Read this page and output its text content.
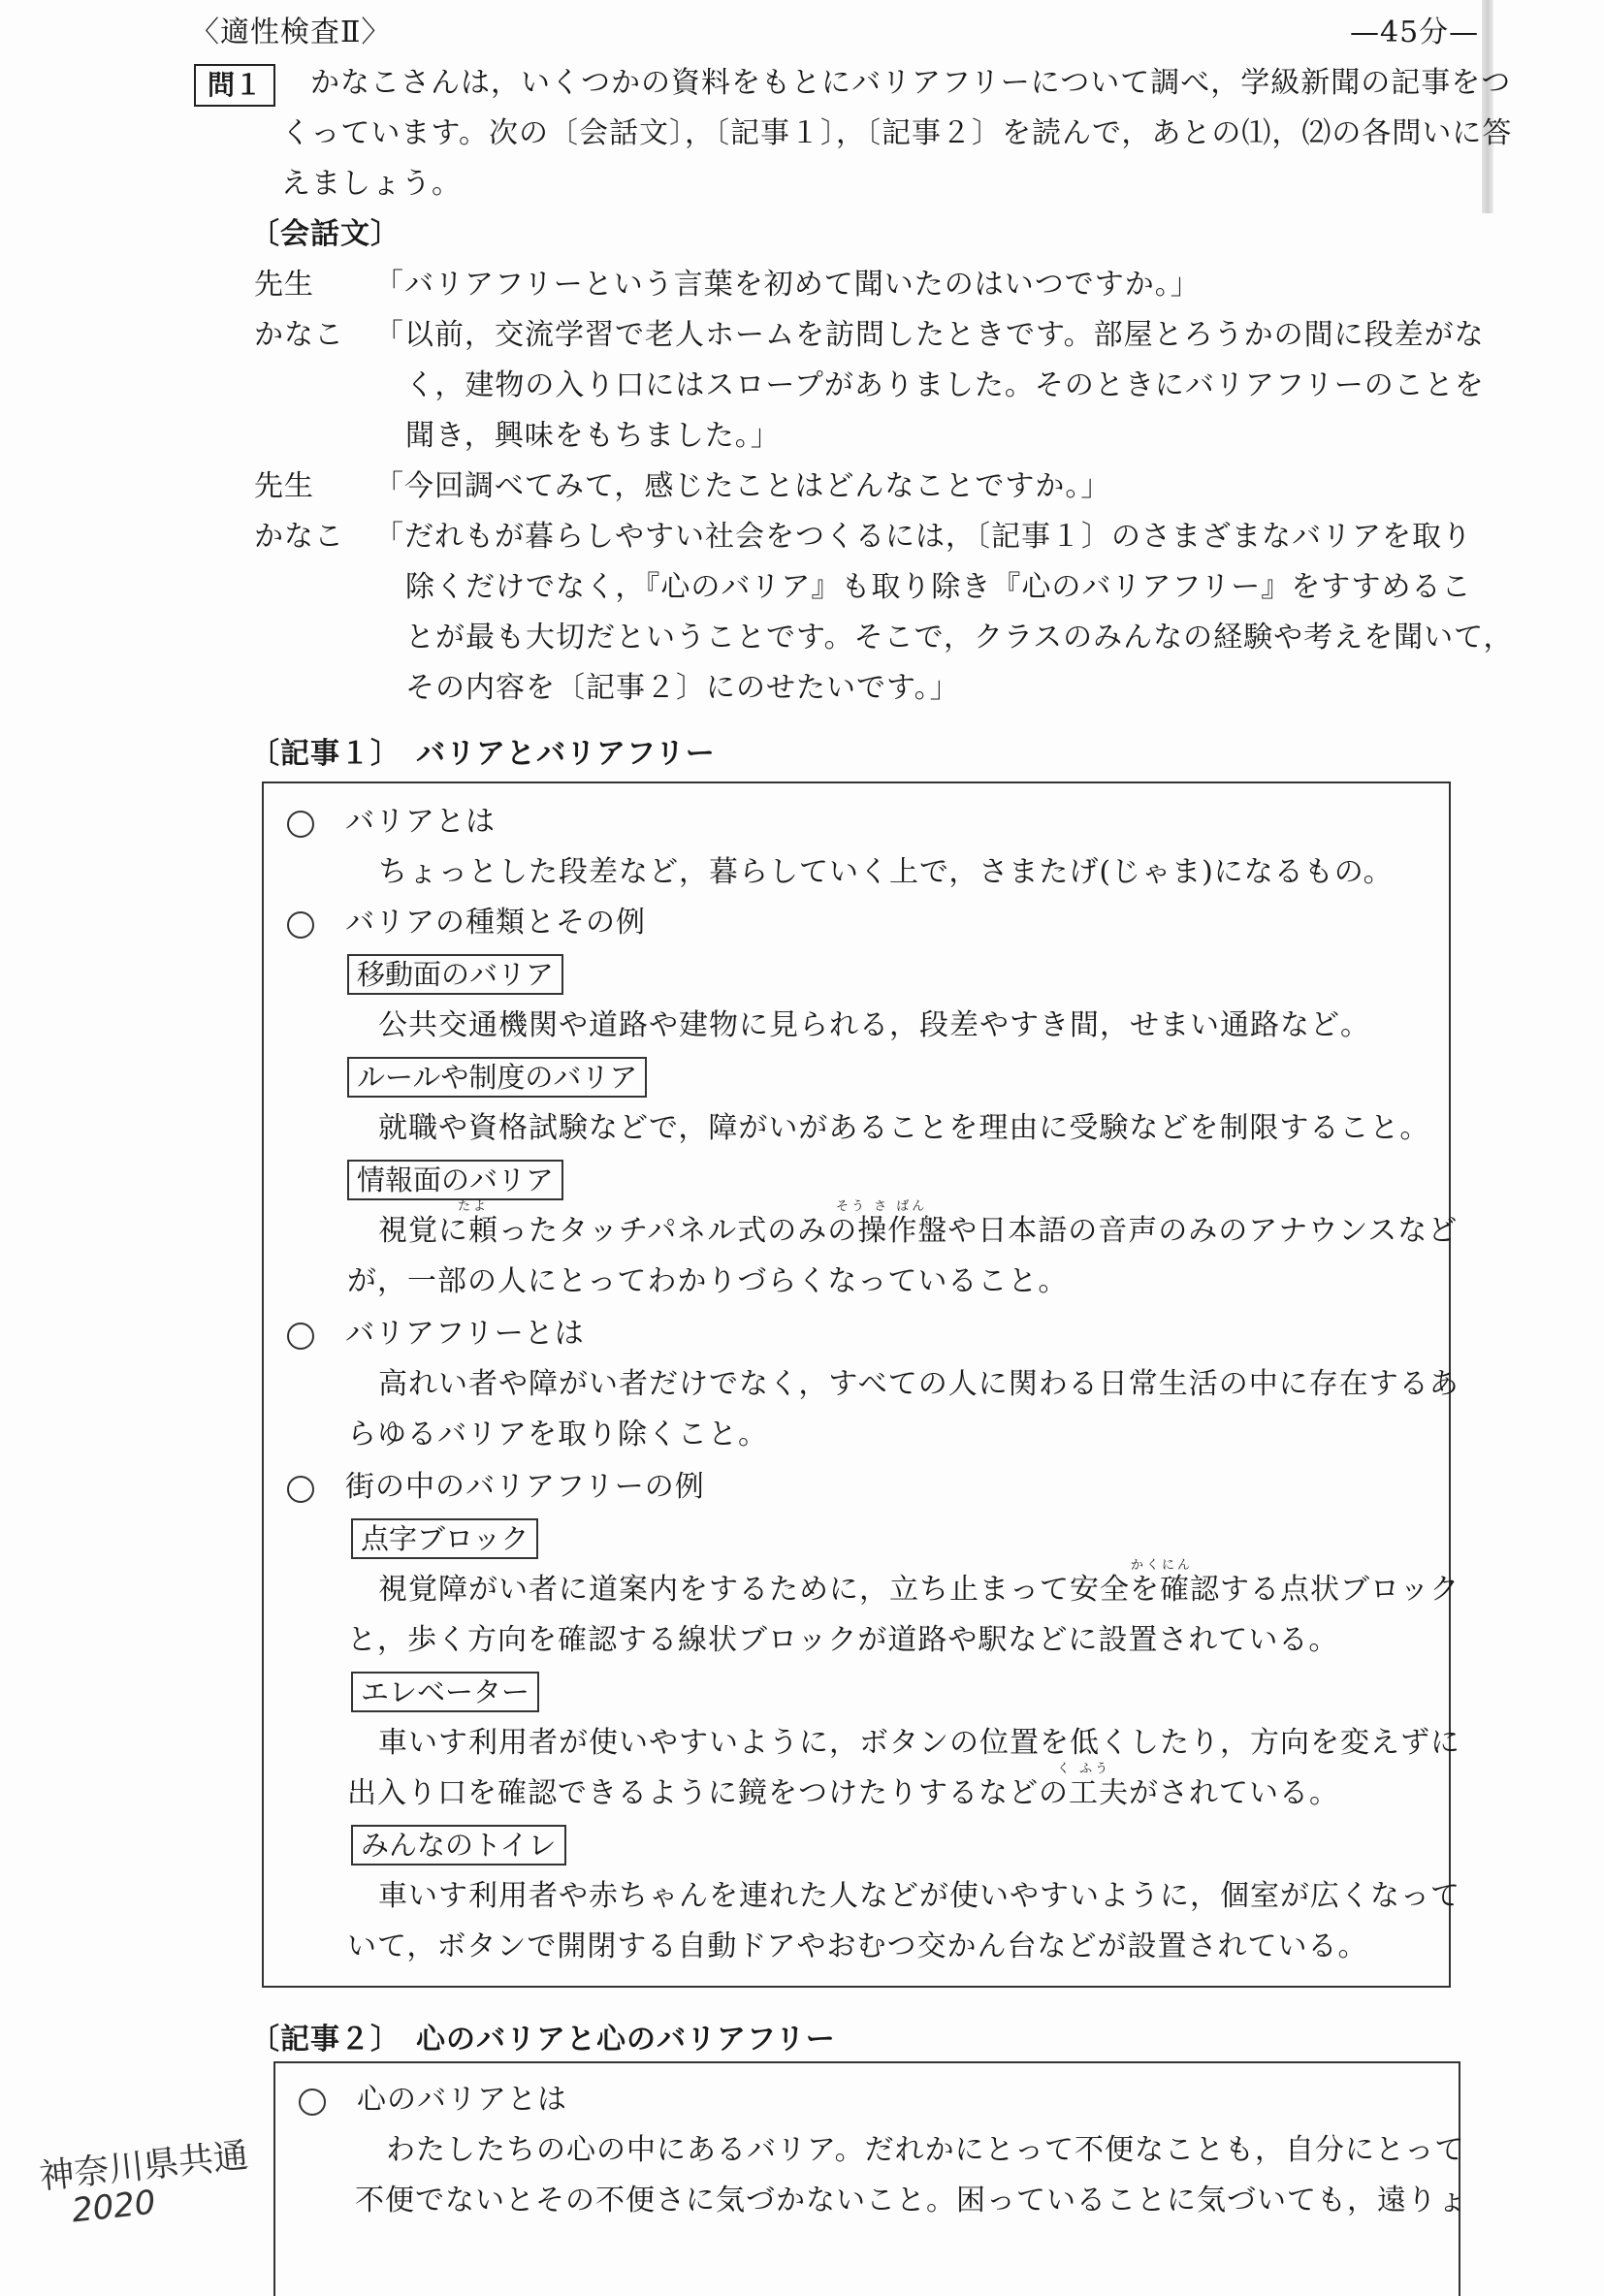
〈適性検査Ⅱ〉	—45分—
問１	かなこさんは，いくつかの資料をもとにバリアフリーについて調べ，学級新聞の記事をつ
くっています。次の〔会話文〕，〔記事１〕，〔記事２〕を読んで，あとの⑴，⑵の各問いに答
えましょう。
〔会話文〕
先生 「バリアフリーという言葉を初めて聞いたのはいつですか。」
かなこ 「以前，交流学習で老人ホームを訪問したときです。部屋とろうかの間に段差がな
く，建物の入り口にはスロープがありました。そのときにバリアフリーのことを
聞き，興味をもちました。」
先生 「今回調べてみて，感じたことはどんなことですか。」
かなこ 「だれもが暮らしやすい社会をつくるには，〔記事１〕のさまざまなバリアを取り
除くだけでなく，『心のバリア』も取り除き『心のバリアフリー』をすすめるこ
とが最も大切だということです。そこで，クラスのみんなの経験や考えを聞いて，
その内容を〔記事２〕にのせたいです。」
〔記事１〕　バリアとバリアフリー
バリアとは
ちょっとした段差など，暮らしていく上で，さまたげ(じゃま)になるもの。
バリアの種類とその例
移動面のバリア
公共交通機関や道路や建物に見られる，段差やすき間，せまい通路など。
ルールや制度のバリア
就職や資格試験などで，障がいがあることを理由に受験などを制限すること。
情報面のバリア
たよ	そう さ ばん
視覚に頼ったタッチパネル式のみの操作盤や日本語の音声のみのアナウンスなど
が，一部の人にとってわかりづらくなっていること。
バリアフリーとは
高れい者や障がい者だけでなく，すべての人に関わる日常生活の中に存在するあ
らゆるバリアを取り除くこと。
街の中のバリアフリーの例
点字ブロック
かくにん
視覚障がい者に道案内をするために，立ち止まって安全を確認する点状ブロック
と，歩く方向を確認する線状ブロックが道路や駅などに設置されている。
エレベーター
車いす利用者が使いやすいように，ボタンの位置を低くしたり，方向を変えずに
く ふう
出入り口を確認できるように鏡をつけたりするなどの工夫がされている。
みんなのトイレ
車いす利用者や赤ちゃんを連れた人などが使いやすいように，個室が広くなって
いて，ボタンで開閉する自動ドアやおむつ交かん台などが設置されている。
〔記事２〕　心のバリアと心のバリアフリー
心のバリアとは
わたしたちの心の中にあるバリア。だれかにとって不便なことも，自分にとって
不便でないとその不便さに気づかないこと。困っていることに気づいても，遠りょ
神奈川県共通
2020
